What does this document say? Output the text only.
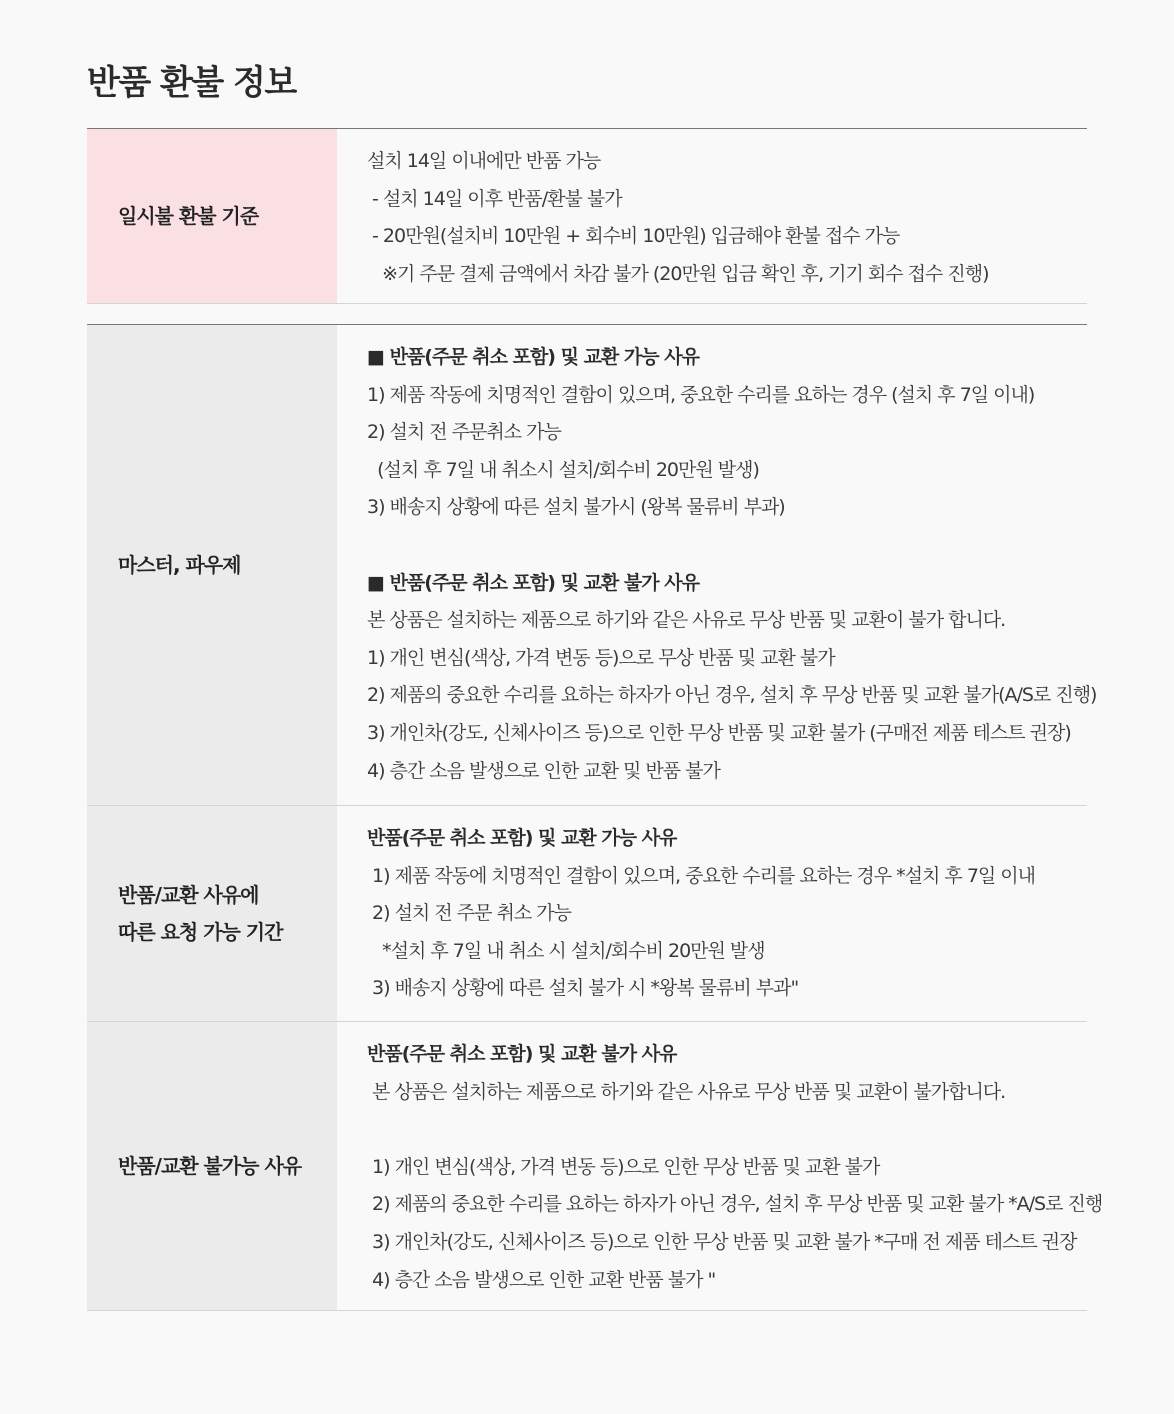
반품 환불 정보
일시불 환불 기준
설치 14일 이내에만 반품 가능
- 설치 14일 이후 반품/환불 불가
- 20만원(설치비 10만원 + 회수비 10만원) 입금해야 환불 접수 가능
※기 주문 결제 금액에서 차감 불가 (20만원 입금 확인 후, 기기 회수 접수 진행)
마스터, 파우제
■ 반품(주문 취소 포함) 및 교환 가능 사유
1) 제품 작동에 치명적인 결함이 있으며, 중요한 수리를 요하는 경우 (설치 후 7일 이내)
2) 설치 전 주문취소 가능
(설치 후 7일 내 취소시 설치/회수비 20만원 발생)
3) 배송지 상황에 따른 설치 불가시 (왕복 물류비 부과)
■ 반품(주문 취소 포함) 및 교환 불가 사유
본 상품은 설치하는 제품으로 하기와 같은 사유로 무상 반품 및 교환이 불가 합니다.
1) 개인 변심(색상, 가격 변동 등)으로 무상 반품 및 교환 불가
2) 제품의 중요한 수리를 요하는 하자가 아닌 경우, 설치 후 무상 반품 및 교환 불가(A/S로 진행)
3) 개인차(강도, 신체사이즈 등)으로 인한 무상 반품 및 교환 불가 (구매전 제품 테스트 권장)
4) 층간 소음 발생으로 인한 교환 및 반품 불가
반품/교환 사유에
따른 요청 가능 기간
반품(주문 취소 포함) 및 교환 가능 사유
1) 제품 작동에 치명적인 결함이 있으며, 중요한 수리를 요하는 경우 *설치 후 7일 이내
2) 설치 전 주문 취소 가능
*설치 후 7일 내 취소 시 설치/회수비 20만원 발생
3) 배송지 상황에 따른 설치 불가 시 *왕복 물류비 부과"
반품/교환 불가능 사유
반품(주문 취소 포함) 및 교환 불가 사유
본 상품은 설치하는 제품으로 하기와 같은 사유로 무상 반품 및 교환이 불가합니다.
1) 개인 변심(색상, 가격 변동 등)으로 인한 무상 반품 및 교환 불가
2) 제품의 중요한 수리를 요하는 하자가 아닌 경우, 설치 후 무상 반품 및 교환 불가 *A/S로 진행
3) 개인차(강도, 신체사이즈 등)으로 인한 무상 반품 및 교환 불가 *구매 전 제품 테스트 권장
4) 층간 소음 발생으로 인한 교환 반품 불가 "
